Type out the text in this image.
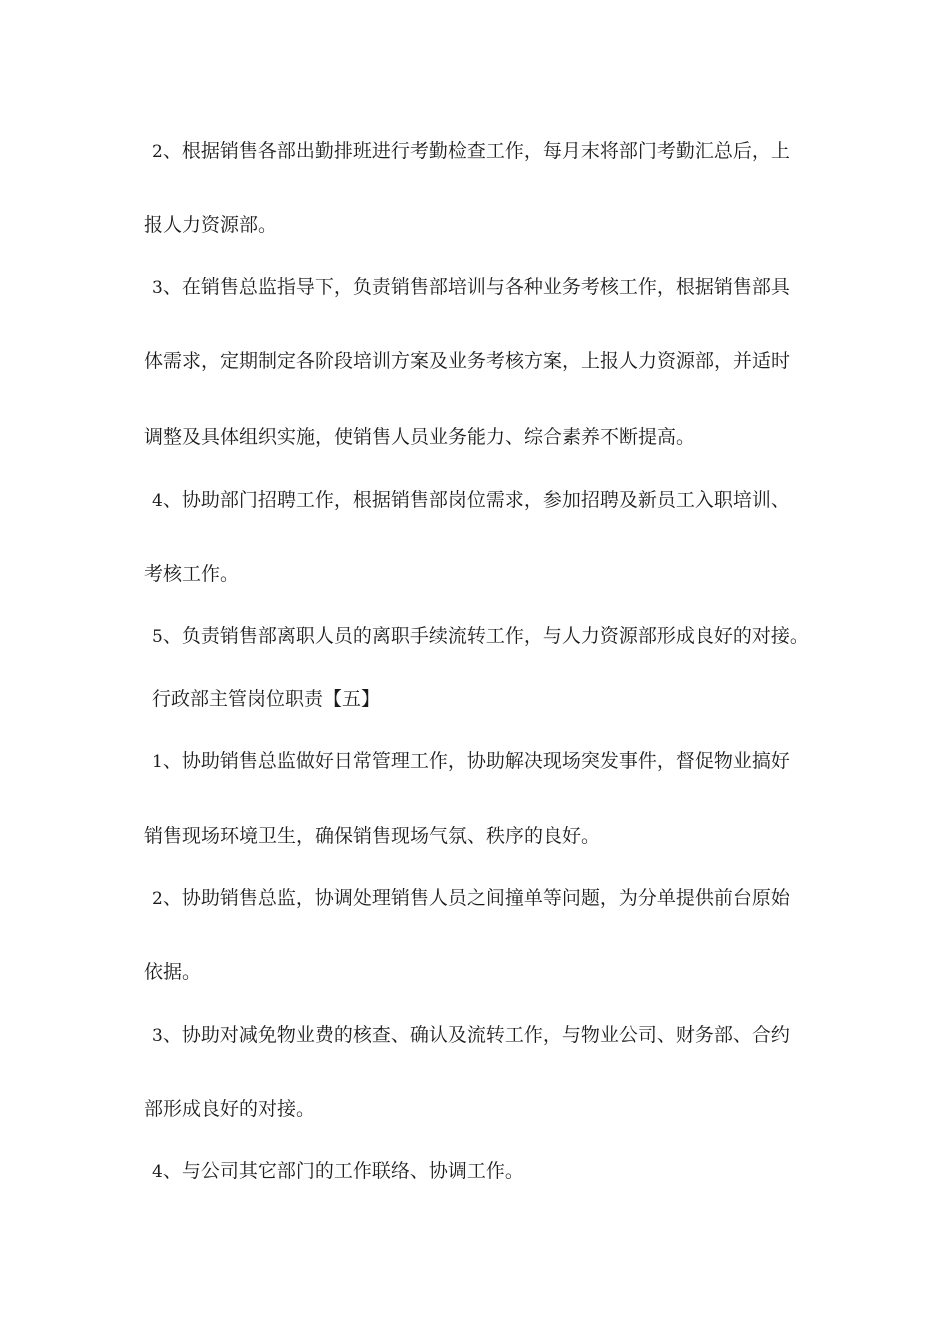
2、根据销售各部出勤排班进行考勤检查工作，每月末将部门考勤汇总后，上
报人力资源部。
3、在销售总监指导下，负责销售部培训与各种业务考核工作，根据销售部具
体需求，定期制定各阶段培训方案及业务考核方案，上报人力资源部，并适时
调整及具体组织实施，使销售人员业务能力、综合素养不断提高。
4、协助部门招聘工作，根据销售部岗位需求，参加招聘及新员工入职培训、
考核工作。
5、负责销售部离职人员的离职手续流转工作，与人力资源部形成良好的对接。
行政部主管岗位职责【五】
1、协助销售总监做好日常管理工作，协助解决现场突发事件，督促物业搞好
销售现场环境卫生，确保销售现场气氛、秩序的良好。
2、协助销售总监，协调处理销售人员之间撞单等问题，为分单提供前台原始
依据。
3、协助对减免物业费的核查、确认及流转工作，与物业公司、财务部、合约
部形成良好的对接。
4、与公司其它部门的工作联络、协调工作。
